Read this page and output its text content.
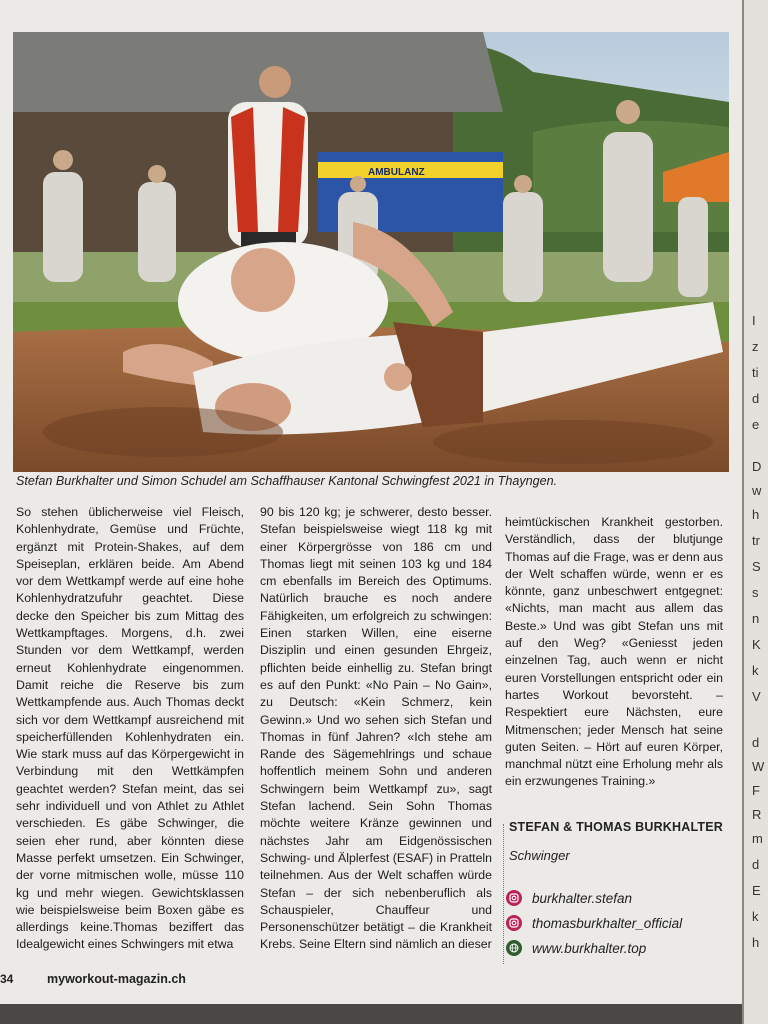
AMBULANZ
Stefan Burkhalter und Simon Schudel am Schaffhauser Kantonal Schwingfest 2021 in Thayngen.

So stehen üblicherweise viel Fleisch, Kohlenhydrate, Gemüse und Früchte, ergänzt mit Protein-Shakes, auf dem Speiseplan, erklären beide. Am Abend vor dem Wettkampf werde auf eine hohe Kohlenhydratzufuhr geachtet. Diese decke den Speicher bis zum Mittag des Wettkampftages. Morgens, d.h. zwei Stunden vor dem Wettkampf, werden erneut Kohlenhydrate eingenommen. Damit reiche die Reserve bis zum Wettkampfende aus. Auch Thomas deckt sich vor dem Wettkampf ausreichend mit speicherfüllenden Kohlenhydraten ein. Wie stark muss auf das Körpergewicht in Verbindung mit den Wettkämpfen geachtet werden? Stefan meint, das sei sehr individuell und von Athlet zu Athlet verschieden. Es gäbe Schwinger, die seien eher rund, aber könnten diese Masse perfekt umsetzen. Ein Schwinger, der vorne mitmischen wolle, müsse 110 kg und mehr wiegen. Gewichtsklassen wie beispielsweise beim Boxen gäbe es allerdings keine.Thomas beziffert das Idealgewicht eines Schwingers mit etwa

90 bis 120 kg; je schwerer, desto besser. Stefan beispielsweise wiegt 118 kg mit einer Körpergrösse von 186 cm und Thomas liegt mit seinen 103 kg und 184 cm ebenfalls im Bereich des Optimums. Natürlich brauche es noch andere Fähigkeiten, um erfolgreich zu schwingen: Einen starken Willen, eine eiserne Disziplin und einen gesunden Ehrgeiz, pflichten beide einhellig zu. Stefan bringt es auf den Punkt: «No Pain – No Gain», zu Deutsch: «Kein Schmerz, kein Gewinn.» Und wo sehen sich Stefan und Thomas in fünf Jahren? «Ich stehe am Rande des Sägemehlrings und schaue hoffentlich meinem Sohn und anderen Schwingern beim Wettkampf zu», sagt Stefan lachend. Sein Sohn Thomas möchte weitere Kränze gewinnen und nächstes Jahr am Eidgenössischen Schwing- und Älplerfest (ESAF) in Pratteln teilnehmen. Aus der Welt schaffen würde Stefan – der sich nebenberuflich als Schauspieler, Chauffeur und Personenschützer betätigt – die Krankheit Krebs. Seine Eltern sind nämlich an dieser

heimtückischen Krankheit gestorben. Verständlich, dass der blutjunge Thomas auf die Frage, was er denn aus der Welt schaffen würde, wenn er es könnte, ganz unbeschwert entgegnet: «Nichts, man macht aus allem das Beste.» Und was gibt Stefan uns mit auf den Weg? «Geniesst jeden einzelnen Tag, auch wenn er nicht euren Vorstellungen entspricht oder ein hartes Workout bevorsteht. – Respektiert eure Nächsten, eure Mitmenschen; jeder Mensch hat seine guten Seiten. – Hört auf euren Körper, manchmal nützt eine Erholung mehr als ein erzwungenes Training.»

STEFAN & THOMAS BURKHALTER
Schwinger
burkhalter.stefan
thomasburkhalter_official
www.burkhalter.top
34	myworkout-magazin.ch
I
z
ti
d
e
D
w
h
tr
S
s
n
K
k
V
d
W
F
R
m
d
E
k
h
